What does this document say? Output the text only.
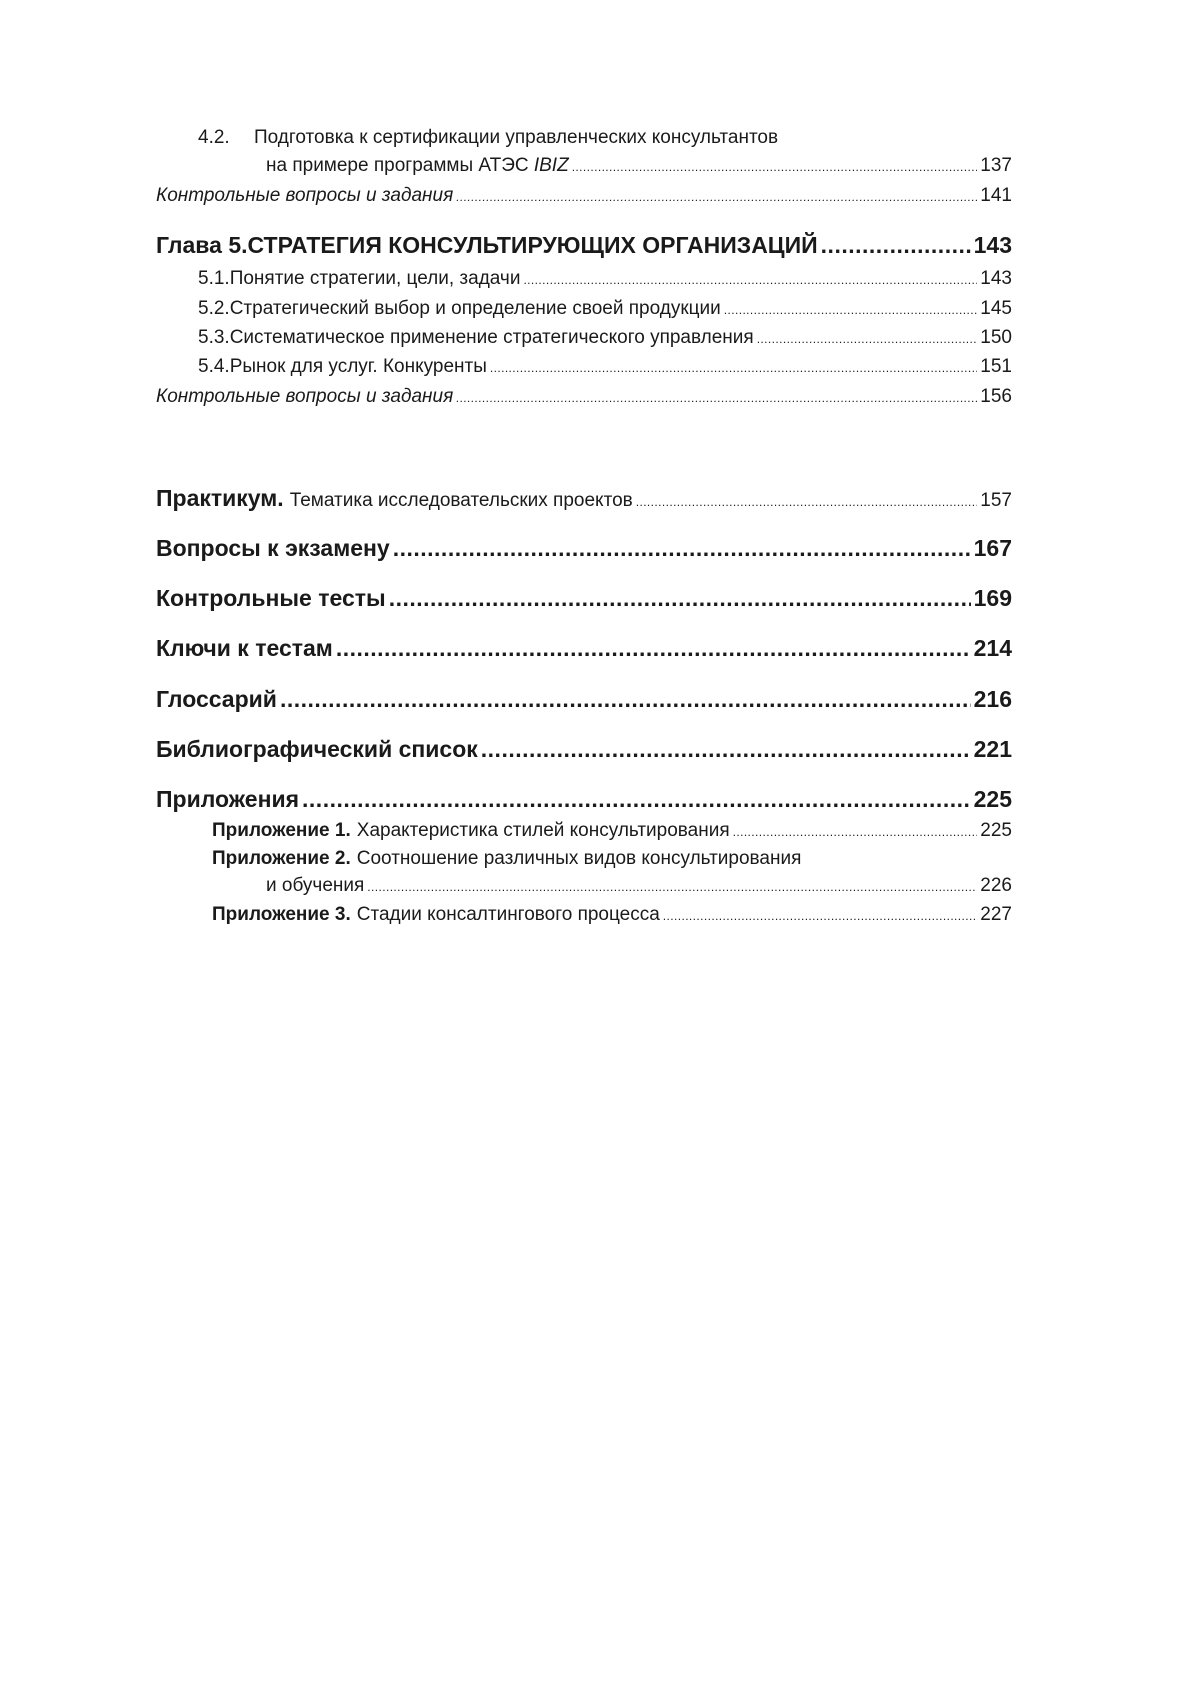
4.2.	Подготовка к сертификации управленческих консультантов
на примере программы АТЭС IBIZ .....	137
Контрольные вопросы и задания .....	141
Глава 5. СТРАТЕГИЯ КОНСУЛЬТИРУЮЩИХ ОРГАНИЗАЦИЙ .....	143
5.1. Понятие стратегии, цели, задачи .....	143
5.2. Стратегический выбор и определение своей продукции .....	145
5.3. Систематическое применение стратегического управления .....	150
5.4. Рынок для услуг. Конкуренты .....	151
Контрольные вопросы и задания .....	156
Практикум. Тематика исследовательских проектов .....	157
Вопросы к экзамену .....	167
Контрольные тесты .....	169
Ключи к тестам .....	214
Глоссарий .....	216
Библиографический список .....	221
Приложения .....	225
Приложение 1. Характеристика стилей консультирования .....	225
Приложение 2. Соотношение различных видов консультирования
и обучения .....	226
Приложение 3. Стадии консалтингового процесса .....	227
